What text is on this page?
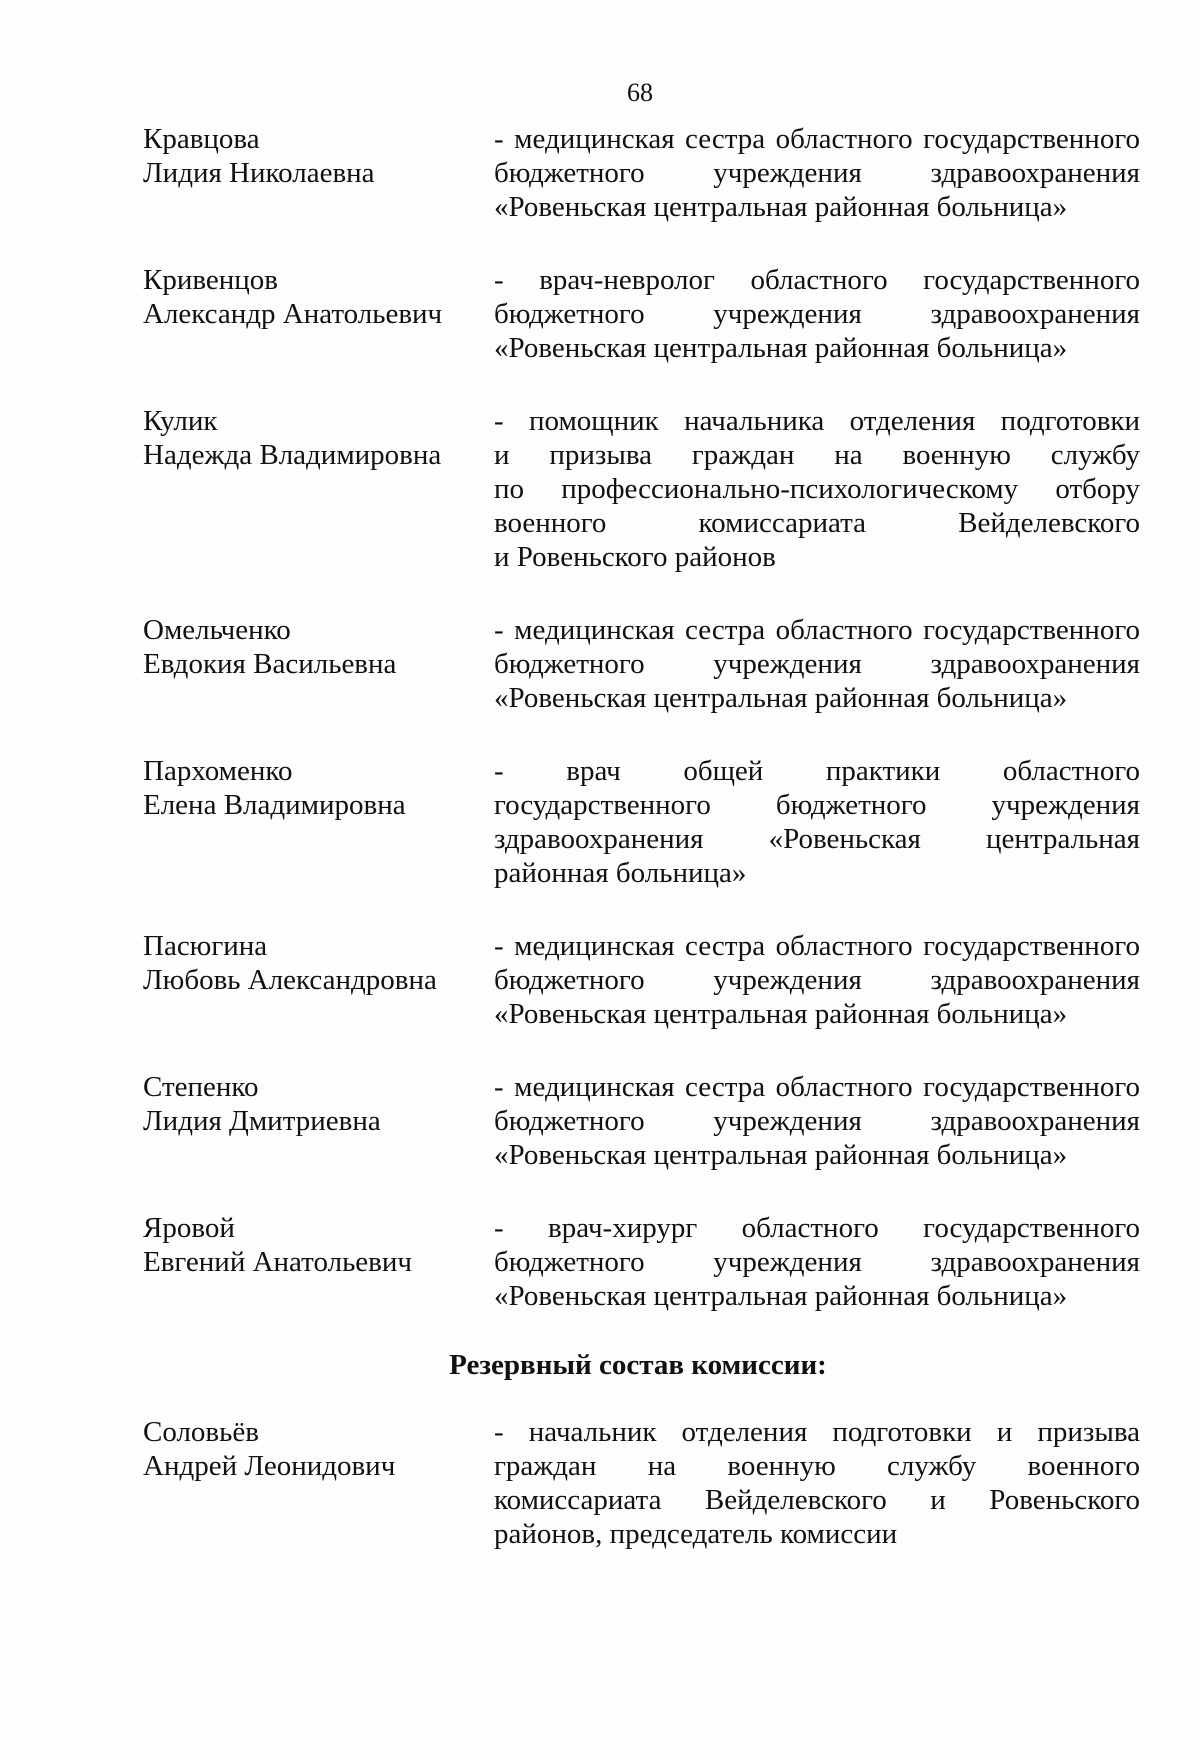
68
Кравцова
Лидия Николаевна
- медицинская сестра областного государственного
бюджетного учреждения здравоохранения
«Ровеньская центральная районная больница»
Кривенцов
Александр Анатольевич
- врач-невролог областного государственного
бюджетного учреждения здравоохранения
«Ровеньская центральная районная больница»
Кулик
Надежда Владимировна
- помощник начальника отделения подготовки
и призыва граждан на военную службу
по профессионально-психологическому отбору
военного комиссариата Вейделевского
и Ровеньского районов
Омельченко
Евдокия Васильевна
- медицинская сестра областного государственного
бюджетного учреждения здравоохранения
«Ровеньская центральная районная больница»
Пархоменко
Елена Владимировна
- врач общей практики областного
государственного бюджетного учреждения
здравоохранения «Ровеньская центральная
районная больница»
Пасюгина
Любовь Александровна
- медицинская сестра областного государственного
бюджетного учреждения здравоохранения
«Ровеньская центральная районная больница»
Степенко
Лидия Дмитриевна
- медицинская сестра областного государственного
бюджетного учреждения здравоохранения
«Ровеньская центральная районная больница»
Яровой
Евгений Анатольевич
- врач-хирург областного государственного
бюджетного учреждения здравоохранения
«Ровеньская центральная районная больница»
Резервный состав комиссии:
Соловьёв
Андрей Леонидович
- начальник отделения подготовки и призыва
граждан на военную службу военного
комиссариата Вейделевского и Ровеньского
районов, председатель комиссии
